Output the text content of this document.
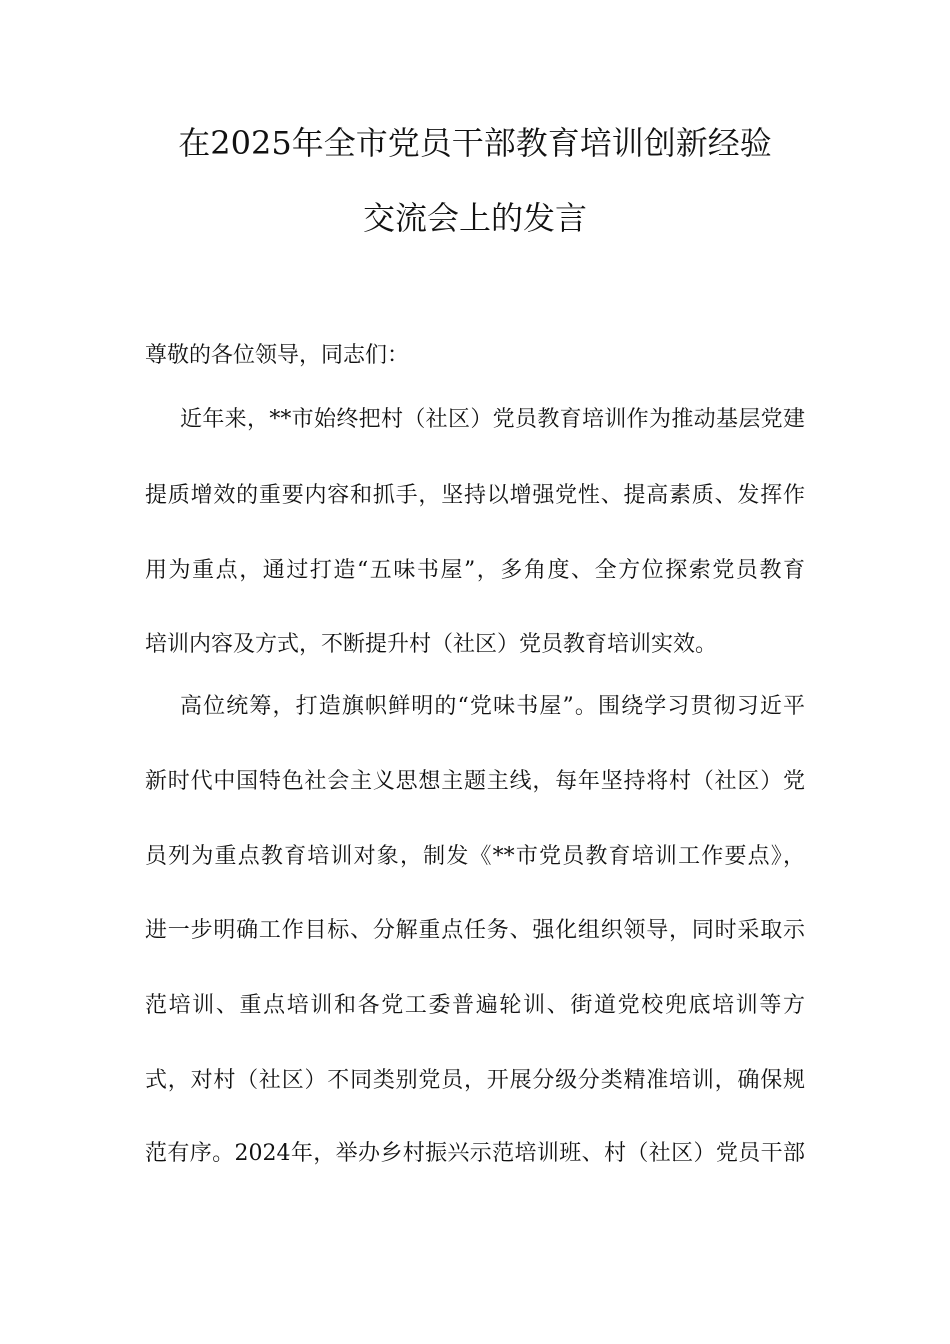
在2025年全市党员干部教育培训创新经验
交流会上的发言
尊敬的各位领导，同志们：
近年来，**市始终把村（社区）党员教育培训作为推动基层党建
提质增效的重要内容和抓手，坚持以增强党性、提高素质、发挥作
用为重点，通过打造“五味书屋”，多角度、全方位探索党员教育
培训内容及方式，不断提升村（社区）党员教育培训实效。
高位统筹，打造旗帜鲜明的“党味书屋”。围绕学习贯彻习近平
新时代中国特色社会主义思想主题主线，每年坚持将村（社区）党
员列为重点教育培训对象，制发《**市党员教育培训工作要点》，
进一步明确工作目标、分解重点任务、强化组织领导，同时采取示
范培训、重点培训和各党工委普遍轮训、街道党校兜底培训等方
式，对村（社区）不同类别党员，开展分级分类精准培训，确保规
范有序。2024年，举办乡村振兴示范培训班、村（社区）党员干部
